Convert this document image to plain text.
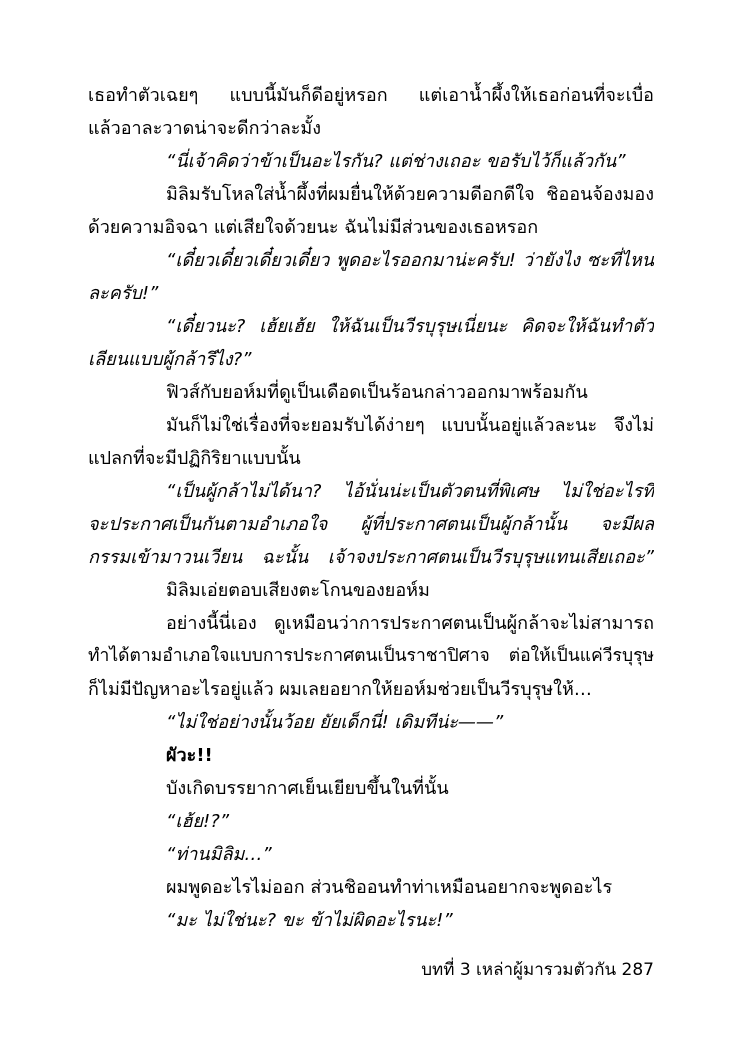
เธอทำตัวเฉยๆ แบบนี้มันก็ดีอยู่หรอก แต่เอาน้ำผึ้งให้เธอก่อนที่จะเบื่อ
แล้วอาละวาดน่าจะดีกว่าละมั้ง
“นี่เจ้าคิดว่าข้าเป็นอะไรกัน? แต่ช่างเถอะ ขอรับไว้ก็แล้วกัน”
มิลิมรับโหลใส่น้ำผึ้งที่ผมยื่นให้ด้วยความดีอกดีใจ ชิออนจ้องมอง
ด้วยความอิจฉา แต่เสียใจด้วยนะ ฉันไม่มีส่วนของเธอหรอก
“เดี๋ยวเดี๋ยวเดี๋ยวเดี๋ยว พูดอะไรออกมาน่ะครับ! ว่ายังไง ซะที่ไหน
ละครับ!”
“เดี๋ยวนะ? เฮ้ยเฮ้ย ให้ฉันเป็นวีรบุรุษเนี่ยนะ คิดจะให้ฉันทำตัว
เลียนแบบผู้กล้ารึไง?”
ฟิวส์กับยอห์มที่ดูเป็นเดือดเป็นร้อนกล่าวออกมาพร้อมกัน
มันก็ไม่ใช่เรื่องที่จะยอมรับได้ง่ายๆ แบบนั้นอยู่แล้วละนะ จึงไม่
แปลกที่จะมีปฏิกิริยาแบบนั้น
“เป็นผู้กล้าไม่ได้นา? ไอ้นั่นน่ะเป็นตัวตนที่พิเศษ ไม่ใช่อะไรที่
จะประกาศเป็นกันตามอำเภอใจ ผู้ที่ประกาศตนเป็นผู้กล้านั้น จะมีผล
กรรมเข้ามาวนเวียน ฉะนั้น เจ้าจงประกาศตนเป็นวีรบุรุษแทนเสียเถอะ”
มิลิมเอ่ยตอบเสียงตะโกนของยอห์ม
อย่างนี้นี่เอง ดูเหมือนว่าการประกาศตนเป็นผู้กล้าจะไม่สามารถ
ทำได้ตามอำเภอใจแบบการประกาศตนเป็นราชาปิศาจ ต่อให้เป็นแค่วีรบุรุษ
ก็ไม่มีปัญหาอะไรอยู่แล้ว ผมเลยอยากให้ยอห์มช่วยเป็นวีรบุรุษให้…
“ไม่ใช่อย่างนั้นว้อย ยัยเด็กนี่! เดิมทีน่ะ——”
ผัวะ!!
บังเกิดบรรยากาศเย็นเยียบขึ้นในที่นั้น
“เฮ้ย!?”
“ท่านมิลิม…”
ผมพูดอะไรไม่ออก ส่วนชิออนทำท่าเหมือนอยากจะพูดอะไร
“มะ ไม่ใช่นะ? ขะ ข้าไม่ผิดอะไรนะ!”
บทที่ 3 เหล่าผู้มารวมตัวกัน 287
